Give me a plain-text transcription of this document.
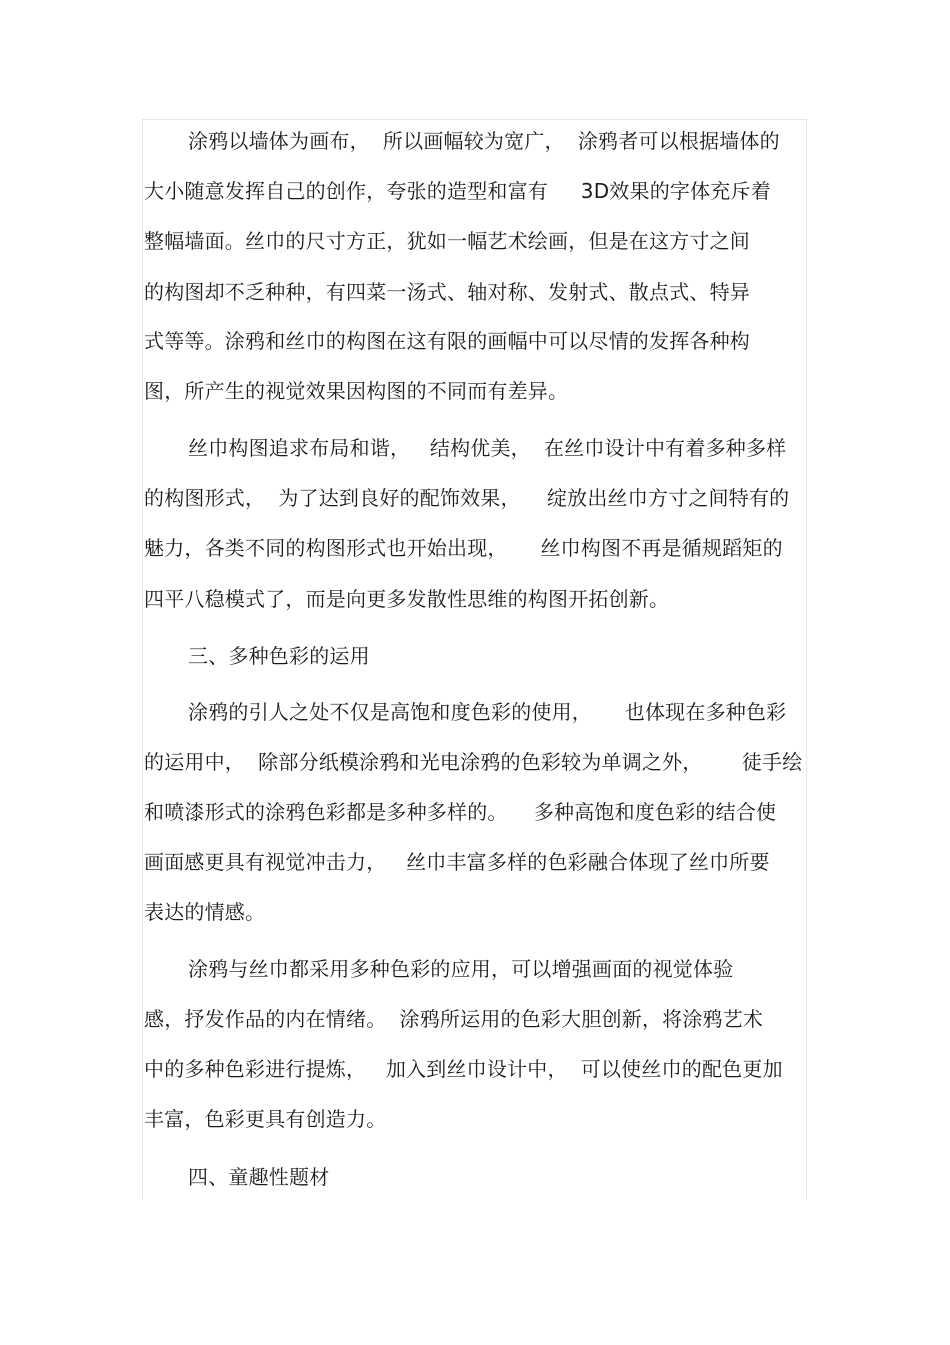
涂鸦以墙体为画布，  所以画幅较为宽广，  涂鸦者可以根据墙体的
大小随意发挥自己的创作，夸张的造型和富有     3D效果的字体充斥着
整幅墙面。丝巾的尺寸方正，犹如一幅艺术绘画，但是在这方寸之间
的构图却不乏种种，有四菜一汤式、轴对称、发射式、散点式、特异
式等等。涂鸦和丝巾的构图在这有限的画幅中可以尽情的发挥各种构
图，所产生的视觉效果因构图的不同而有差异。
丝巾构图追求布局和谐，   结构优美，  在丝巾设计中有着多种多样
的构图形式，  为了达到良好的配饰效果，    绽放出丝巾方寸之间特有的
魅力，各类不同的构图形式也开始出现，     丝巾构图不再是循规蹈矩的
四平八稳模式了，而是向更多发散性思维的构图开拓创新。
三、多种色彩的运用
涂鸦的引人之处不仅是高饱和度色彩的使用，     也体现在多种色彩
的运用中，  除部分纸模涂鸦和光电涂鸦的色彩较为单调之外，      徒手绘
和喷漆形式的涂鸦色彩都是多种多样的。    多种高饱和度色彩的结合使
画面感更具有视觉冲击力，   丝巾丰富多样的色彩融合体现了丝巾所要
表达的情感。
涂鸦与丝巾都采用多种色彩的应用，可以增强画面的视觉体验
感，抒发作品的内在情绪。  涂鸦所运用的色彩大胆创新，将涂鸦艺术
中的多种色彩进行提炼，   加入到丝巾设计中，  可以使丝巾的配色更加
丰富，色彩更具有创造力。
四、童趣性题材
